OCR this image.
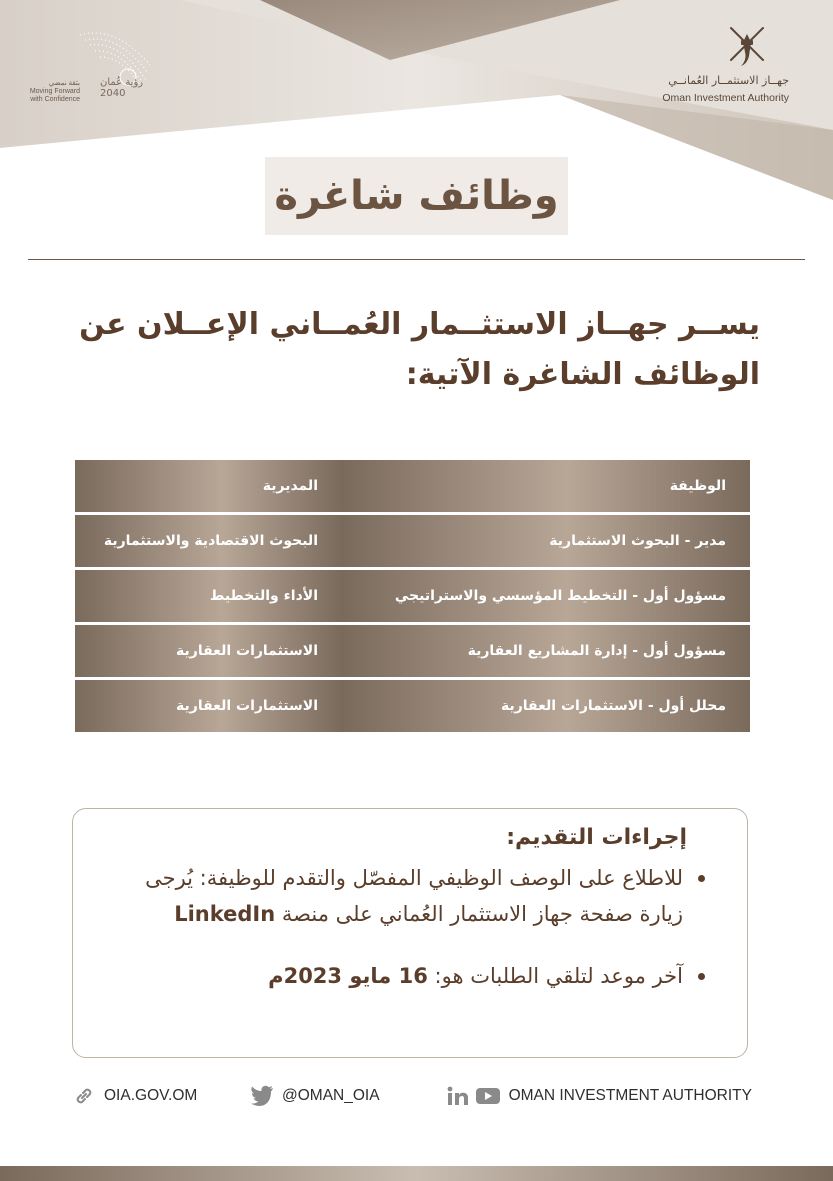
بثقة نمضي
Moving Forward with Confidence
رؤية عُمان 2040
جهــاز الاستثمــار العُمانــي
Oman Investment Authority
وظائف شاغرة
يســر جهــاز الاستثــمار العُمــاني الإعــلان عن
الوظائف الشاغرة الآتية:
الوظيفة
المديرية
مدير - البحوث الاستثمارية
البحوث الاقتصادية والاستثمارية
مسؤول أول - التخطيط المؤسسي والاستراتيجي
الأداء والتخطيط
مسؤول أول - إدارة المشاريع العقارية
الاستثمارات العقارية
محلل أول - الاستثمارات العقارية
الاستثمارات العقارية
إجراءات التقديم:
للاطلاع على الوصف الوظيفي المفصّل والتقدم للوظيفة: يُرجى زيارة صفحة جهاز الاستثمار العُماني على منصة LinkedIn
آخر موعد لتلقي الطلبات هو: 16 مايو 2023م
OIA.GOV.OM	@OMAN_OIA	OMAN INVESTMENT AUTHORITY
